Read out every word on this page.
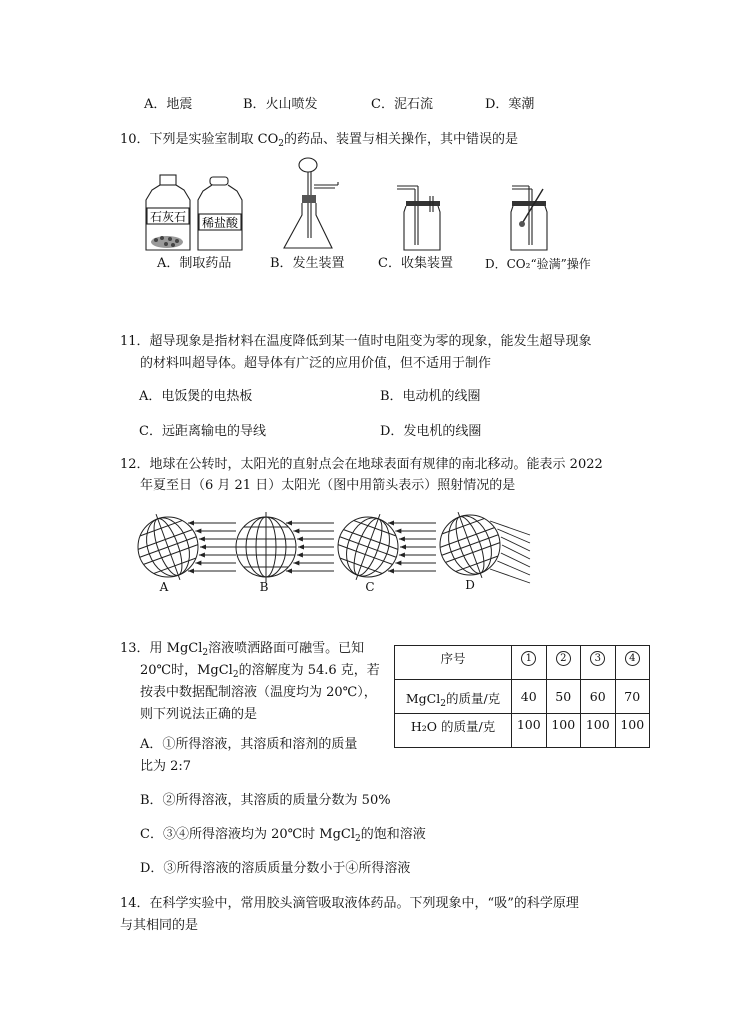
A．地震	B．火山喷发	C．泥石流	D．寒潮
10．下列是实验室制取 $CO_2$的药品、装置与相关操作，其中错误的是
石灰石 稀盐酸
A．制取药品	B．发生装置	C．收集装置	D．CO₂“验满”操作
11．超导现象是指材料在温度降低到某一值时电阻变为零的现象，能发生超导现象
的材料叫超导体。超导体有广泛的应用价值，但不适用于制作
A．电饭煲的电热板	B．电动机的线圈
C．远距离输电的导线	D．发电机的线圈
12．地球在公转时，太阳光的直射点会在地球表面有规律的南北移动。能表示 2022
年夏至日（6 月 21 日）太阳光（图中用箭头表示）照射情况的是
A	B	C	D
13．用 MgCl$_2$溶液喷洒路面可融雪。已知
20℃时，MgCl$_2$的溶解度为 54.6 克，若
按表中数据配制溶液（温度均为 20℃），
则下列说法正确的是
序号	1	2	3	4
MgCl$_2$的质量/克	40	50	60	70
H₂O 的质量/克	100	100	100	100
A．①所得溶液，其溶质和溶剂的质量
比为 2:7
B．②所得溶液，其溶质的质量分数为 50%
C．③④所得溶液均为 20℃时 MgCl$_2$的饱和溶液
D．③所得溶液的溶质质量分数小于④所得溶液
14．在科学实验中，常用胶头滴管吸取液体药品。下列现象中，“吸”的科学原理
与其相同的是
